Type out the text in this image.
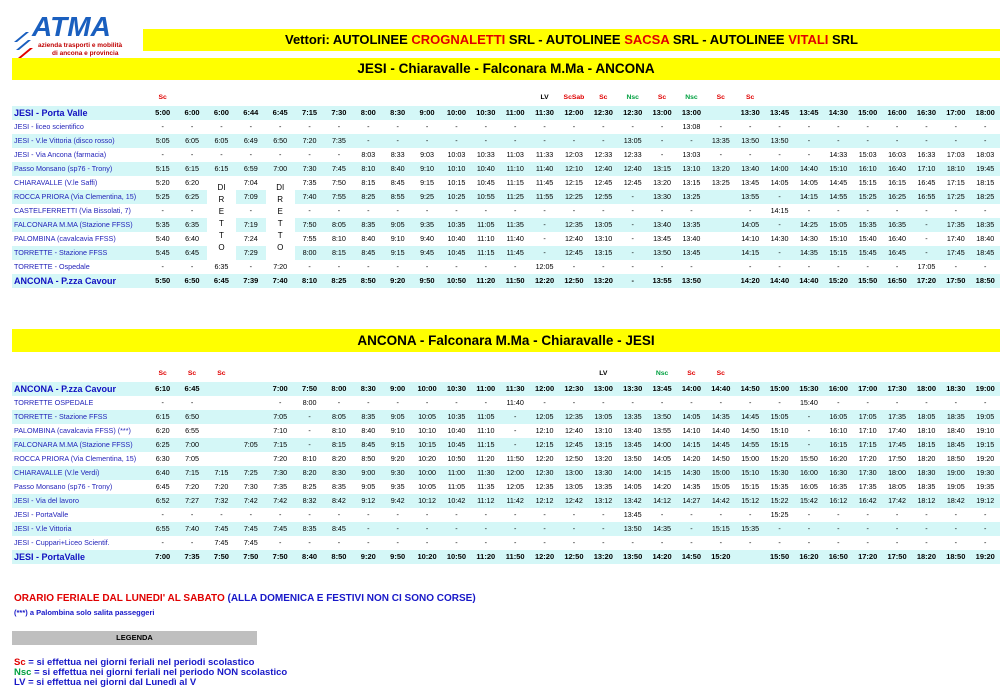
ATMA
azienda trasporti e mobilità
di ancona e provincia
Vettori: AUTOLINEE CROGNALETTI SRL - AUTOLINEE SACSA SRL - AUTOLINEE VITALI SRL
JESI - Chiaravalle - Falconara M.Ma - ANCONA
	Sc													LV	ScSab	Sc	Nsc	Sc	Nsc	Sc	Sc								
JESI - Porta Valle	5:00	6:00	6:00	6:44	6:45	7:15	7:30	8:00	8:30	9:00	10:00	10:30	11:00	11:30	12:00	12:30	12:30	13:00	13:00		13:30	13:45	13:45	14:30	15:00	16:00	16:30	17:00	18:00
JESI - liceo scientifico	-	-	-	-	-	-	-	-	-	-	-	-	-	-	-	-	-	-	13:08	-	-	-	-	-	-	-	-	-	-
JESI - V.le Vittoria (disco rosso)	5:05	6:05	6:05	6:49	6:50	7:20	7:35	-	-	-	-	-	-	-	-	-	13:05	-	-	13:35	13:50	13:50	-	-	-	-	-	-	-
JESI - Via Ancona (farmacia)	-	-	-	-	-	-	-	8:03	8:33	9:03	10:03	10:33	11:03	11:33	12:03	12:33	12:33	-	13:03	-	-	-	-	14:33	15:03	16:03	16:33	17:03	18:03
Passo Monsano (sp76 - Trony)	5:15	6:15	6:15	6:59	7:00	7:30	7:45	8:10	8:40	9:10	10:10	10:40	11:10	11:40	12:10	12:40	12:40	13:15	13:10	13:20	13:40	14:00	14:40	15:10	16:10	16:40	17:10	18:10	19:45
CHIARAVALLE (V.le Saffi)	5:20	6:20	DIRETTO	7:04	DIRETTO	7:35	7:50	8:15	8:45	9:15	10:15	10:45	11:15	11:45	12:15	12:45	12:45	13:20	13:15	13:25	13:45	14:05	14:05	14:45	15:15	16:15	16:45	17:15	18:15
ROCCA PRIORA (Via Clementina, 15)	5:25	6:25		7:09		7:40	7:55	8:25	8:55	9:25	10:25	10:55	11:25	11:55	12:25	12:55	-	13:30	13:25		13:55	-	14:15	14:55	15:25	16:25	16:55	17:25	18:25
CASTELFERRETTI (Via Bissolati, 7)	-	-		-		-	-	-	-	-	-	-	-	-	-	-	-	-	-		-	14:15	-	-	-	-	-	-	-
FALCONARA M.MA (Stazione FFSS)	5:35	6:35		7:19		7:50	8:05	8:35	9:05	9:35	10:35	11:05	11:35	-	12:35	13:05	-	13:40	13:35		14:05	-	14:25	15:05	15:35	16:35	-	17:35	18:35
PALOMBINA (cavalcavia FFSS)	5:40	6:40		7:24		7:55	8:10	8:40	9:10	9:40	10:40	11:10	11:40	-	12:40	13:10	-	13:45	13:40		14:10	14:30	14:30	15:10	15:40	16:40	-	17:40	18:40
TORRETTE - Stazione FFSS	5:45	6:45		7:29		8:00	8:15	8:45	9:15	9:45	10:45	11:15	11:45	-	12:45	13:15	-	13:50	13:45		14:15	-	14:35	15:15	15:45	16:45	-	17:45	18:45
TORRETTE - Ospedale	-	-	6:35	-	7:20	-	-	-	-	-	-	-	-	12:05	-	-	-	-	-		-	-	-	-	-	-	17:05	-	-
ANCONA - P.zza Cavour	5:50	6:50	6:45	7:39	7:40	8:10	8:25	8:50	9:20	9:50	10:50	11:20	11:50	12:20	12:50	13:20	-	13:55	13:50		14:20	14:40	14:40	15:20	15:50	16:50	17:20	17:50	18:50
ANCONA - Falconara M.Ma - Chiaravalle - JESI
	Sc	Sc	Sc													LV		Nsc	Sc	Sc									
ANCONA - P.zza Cavour	6:10	6:45			7:00	7:50	8:00	8:30	9:00	10:00	10:30	11:00	11:30	12:00	12:30	13:00	13:30	13:45	14:00	14:40	14:50	15:00	15:30	16:00	17:00	17:30	18:00	18:30	19:00
TORRETTE OSPEDALE	-	-			-	8:00	-	-	-	-	-	-	11:40	-	-	-	-	-	-	-	-	-	15:40	-	-	-	-	-	-
TORRETTE - Stazione FFSS	6:15	6:50			7:05	-	8:05	8:35	9:05	10:05	10:35	11:05	-	12:05	12:35	13:05	13:35	13:50	14:05	14:35	14:45	15:05	-	16:05	17:05	17:35	18:05	18:35	19:05
PALOMBINA (cavalcavia FFSS) (***)	6:20	6:55			7:10	-	8:10	8:40	9:10	10:10	10:40	11:10	-	12:10	12:40	13:10	13:40	13:55	14:10	14:40	14:50	15:10	-	16:10	17:10	17:40	18:10	18:40	19:10
FALCONARA M.MA (Stazione FFSS)	6:25	7:00		7:05	7:15	-	8:15	8:45	9:15	10:15	10:45	11:15	-	12:15	12:45	13:15	13:45	14:00	14:15	14:45	14:55	15:15	-	16:15	17:15	17:45	18:15	18:45	19:15
ROCCA PRIORA (Via Clementina, 15)	6:30	7:05			7:20	8:10	8:20	8:50	9:20	10:20	10:50	11:20	11:50	12:20	12:50	13:20	13:50	14:05	14:20	14:50	15:00	15:20	15:50	16:20	17:20	17:50	18:20	18:50	19:20
CHIARAVALLE (V.le Verdi)	6:40	7:15	7:15	7:25	7:30	8:20	8:30	9:00	9:30	10:00	11:00	11:30	12:00	12:30	13:00	13:30	14:00	14:15	14:30	15:00	15:10	15:30	16:00	16:30	17:30	18:00	18:30	19:00	19:30
Passo Monsano (sp76 - Trony)	6:45	7:20	7:20	7:30	7:35	8:25	8:35	9:05	9:35	10:05	11:05	11:35	12:05	12:35	13:05	13:35	14:05	14:20	14:35	15:05	15:15	15:35	16:05	16:35	17:35	18:05	18:35	19:05	19:35
JESI - Via del lavoro	6:52	7:27	7:32	7:42	7:42	8:32	8:42	9:12	9:42	10:12	10:42	11:12	11:42	12:12	12:42	13:12	13:42	14:12	14:27	14:42	15:12	15:22	15:42	16:12	16:42	17:42	18:12	18:42	19:12
JESI - PortaValle	-	-	-	-	-	-	-	-	-	-	-	-	-	-	-	-	13:45	-	-	-	-	15:25	-	-	-	-	-	-	-
JESI - V.le Vittoria	6:55	7:40	7:45	7:45	7:45	8:35	8:45	-	-	-	-	-	-	-	-	-	13:50	14:35	-	15:15	15:35	-	-	-	-	-	-	-	-
JESI - Cuppari+Liceo Scientif.	-	-	7:45	7:45	-	-	-	-	-	-	-	-	-	-	-	-	-	-	-	-	-	-	-	-	-	-	-	-	-
JESI - PortaValle	7:00	7:35	7:50	7:50	7:50	8:40	8:50	9:20	9:50	10:20	10:50	11:20	11:50	12:20	12:50	13:20	13:50	14:20	14:50	15:20		15:50	16:20	16:50	17:20	17:50	18:20	18:50	19:20
ORARIO FERIALE DAL LUNEDI' AL SABATO (ALLA DOMENICA E FESTIVI NON CI SONO CORSE)
(***) a Palombina solo salita passeggeri
LEGENDA
Sc = si effettua nei giorni feriali nel periodi scolastico
Nsc = si effettua nei giorni feriali nel periodo NON scolastico
LV = si effettua nei giorni dal Lunedì al V
